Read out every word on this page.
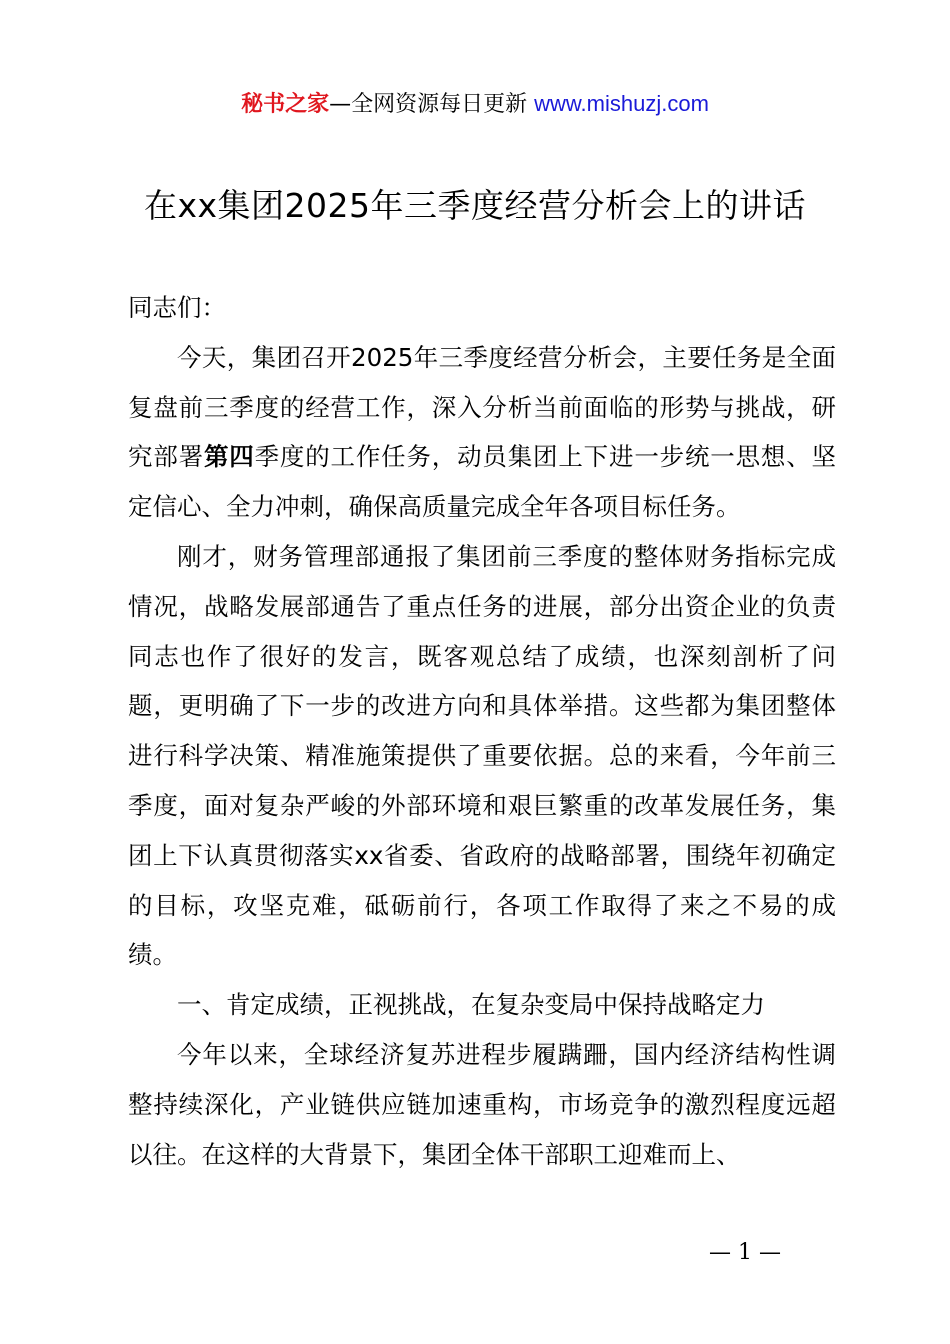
秘书之家—全网资源每日更新 www.mishuzj.com
在xx集团2025年三季度经营分析会上的讲话

同志们：

今天，集团召开2025年三季度经营分析会，主要任务是全面复盘前三季度的经营工作，深入分析当前面临的形势与挑战，研究部署第四季度的工作任务，动员集团上下进一步统一思想、坚定信心、全力冲刺，确保高质量完成全年各项目标任务。

刚才，财务管理部通报了集团前三季度的整体财务指标完成情况，战略发展部通告了重点任务的进展，部分出资企业的负责同志也作了很好的发言，既客观总结了成绩，也深刻剖析了问题，更明确了下一步的改进方向和具体举措。这些都为集团整体进行科学决策、精准施策提供了重要依据。总的来看，今年前三季度，面对复杂严峻的外部环境和艰巨繁重的改革发展任务，集团上下认真贯彻落实xx省委、省政府的战略部署，围绕年初确定的目标，攻坚克难，砥砺前行，各项工作取得了来之不易的成绩。

一、肯定成绩，正视挑战，在复杂变局中保持战略定力

今年以来，全球经济复苏进程步履蹒跚，国内经济结构性调整持续深化，产业链供应链加速重构，市场竞争的激烈程度远超以往。在这样的大背景下，集团全体干部职工迎难而上、

— 1 —
